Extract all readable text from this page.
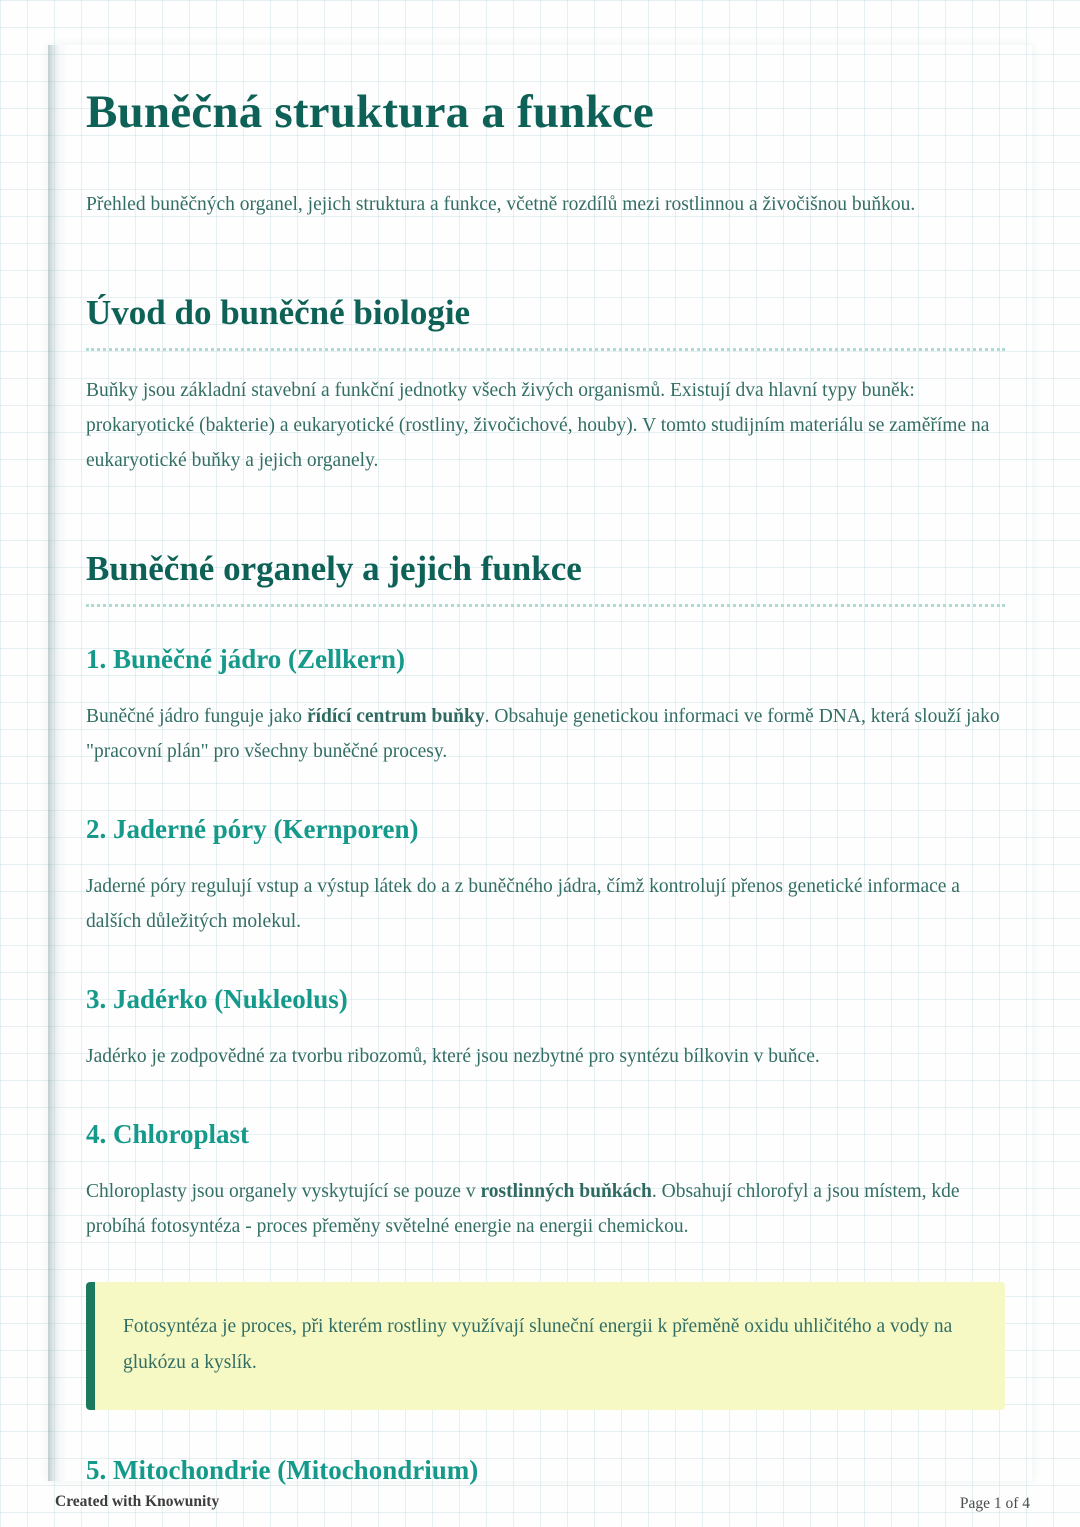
Buněčná struktura a funkce

Přehled buněčných organel, jejich struktura a funkce, včetně rozdílů mezi rostlinnou a živočišnou buňkou.

Úvod do buněčné biologie

Buňky jsou základní stavební a funkční jednotky všech živých organismů. Existují dva hlavní typy buněk: prokaryotické (bakterie) a eukaryotické (rostliny, živočichové, houby). V tomto studijním materiálu se zaměříme na eukaryotické buňky a jejich organely.

Buněčné organely a jejich funkce
1. Buněčné jádro (Zellkern)

Buněčné jádro funguje jako řídící centrum buňky. Obsahuje genetickou informaci ve formě DNA, která slouží jako "pracovní plán" pro všechny buněčné procesy.

2. Jaderné póry (Kernporen)

Jaderné póry regulují vstup a výstup látek do a z buněčného jádra, čímž kontrolují přenos genetické informace a dalších důležitých molekul.

3. Jadérko (Nukleolus)

Jadérko je zodpovědné za tvorbu ribozomů, které jsou nezbytné pro syntézu bílkovin v buňce.

4. Chloroplast

Chloroplasty jsou organely vyskytující se pouze v rostlinných buňkách. Obsahují chlorofyl a jsou místem, kde probíhá fotosyntéza - proces přeměny světelné energie na energii chemickou.

Fotosyntéza je proces, při kterém rostliny využívají sluneční energii k přeměně oxidu uhličitého a vody na glukózu a kyslík.

5. Mitochondrie (Mitochondrium)
Created with Knowunity	Page 1 of 4
